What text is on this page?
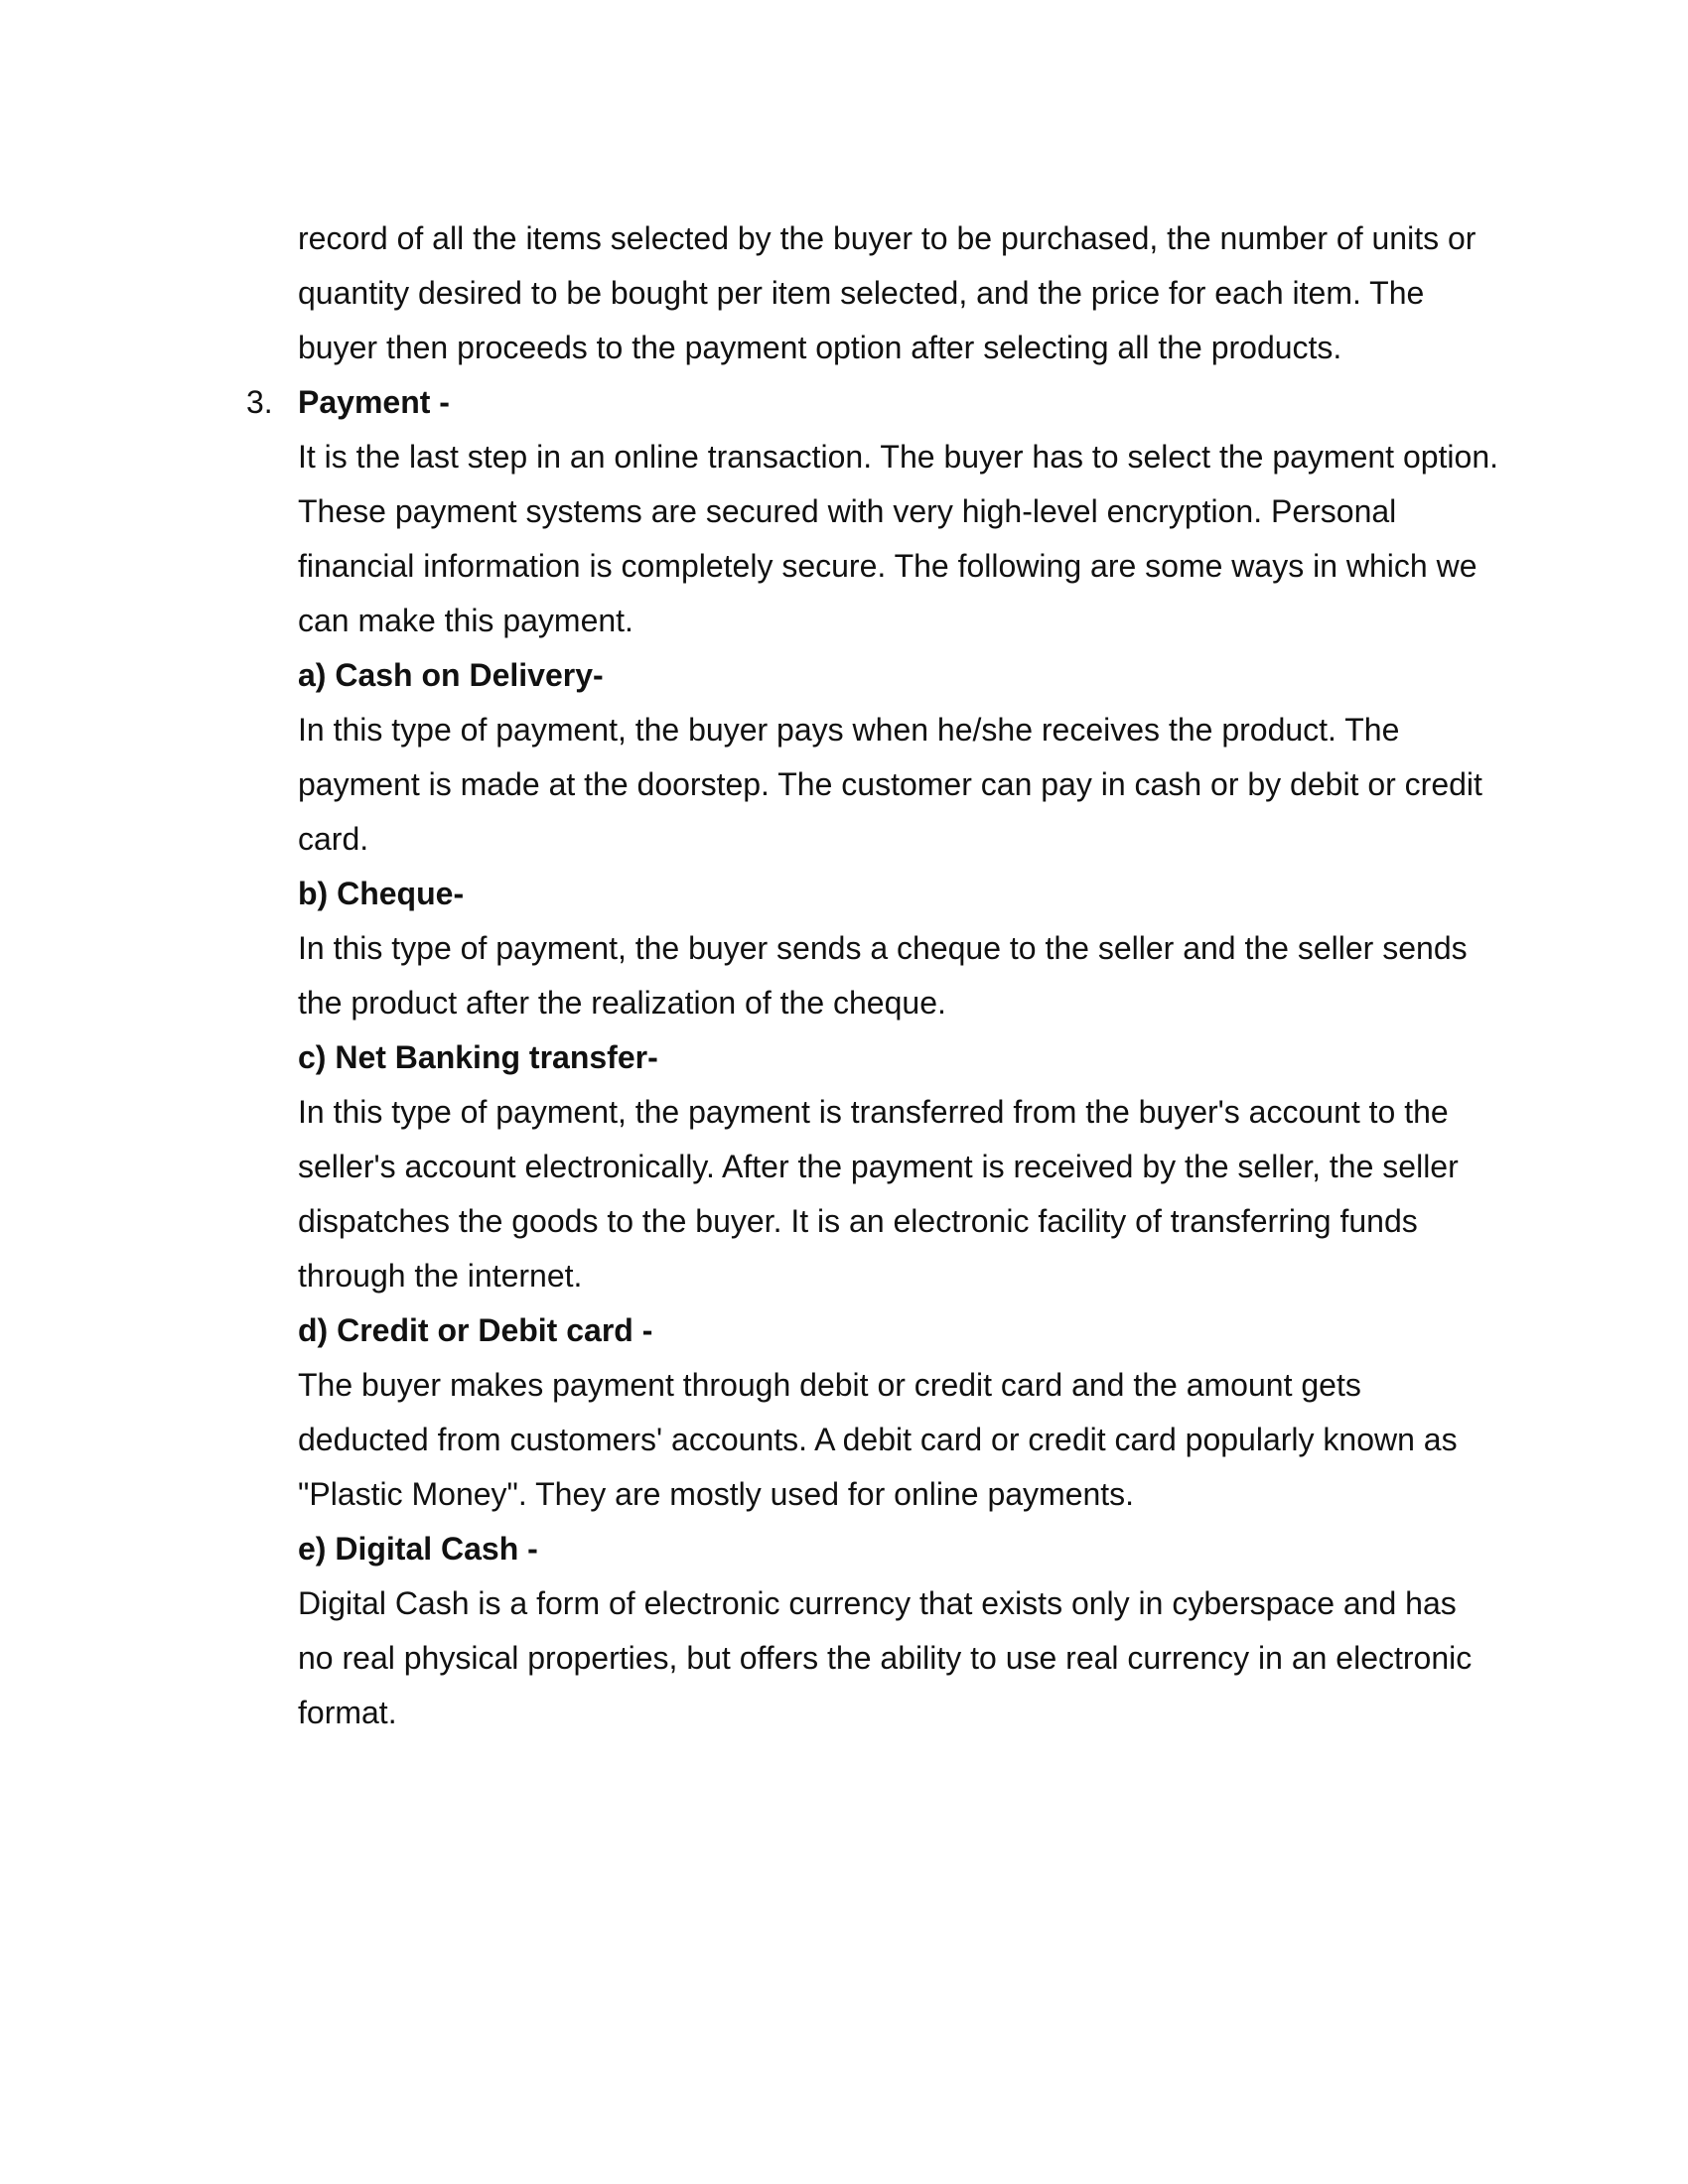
record of all the items selected by the buyer to be purchased, the number of units or quantity desired to be bought per item selected, and the price for each item. The buyer then proceeds to the payment option after selecting all the products.

3. Payment -

It is the last step in an online transaction. The buyer has to select the payment option. These payment systems are secured with very high-level encryption. Personal financial information is completely secure. The following are some ways in which we can make this payment.

a) Cash on Delivery-

In this type of payment, the buyer pays when he/she receives the product. The payment is made at the doorstep. The customer can pay in cash or by debit or credit card.

b) Cheque-

In this type of payment, the buyer sends a cheque to the seller and the seller sends the product after the realization of the cheque.

c) Net Banking transfer-

In this type of payment, the payment is transferred from the buyer's account to the seller's account electronically. After the payment is received by the seller, the seller dispatches the goods to the buyer. It is an electronic facility of transferring funds through the internet.

d) Credit or Debit card -

The buyer makes payment through debit or credit card and the amount gets deducted from customers' accounts. A debit card or credit card popularly known as "Plastic Money". They are mostly used for online payments.

e) Digital Cash -

Digital Cash is a form of electronic currency that exists only in cyberspace and has no real physical properties, but offers the ability to use real currency in an electronic format.
